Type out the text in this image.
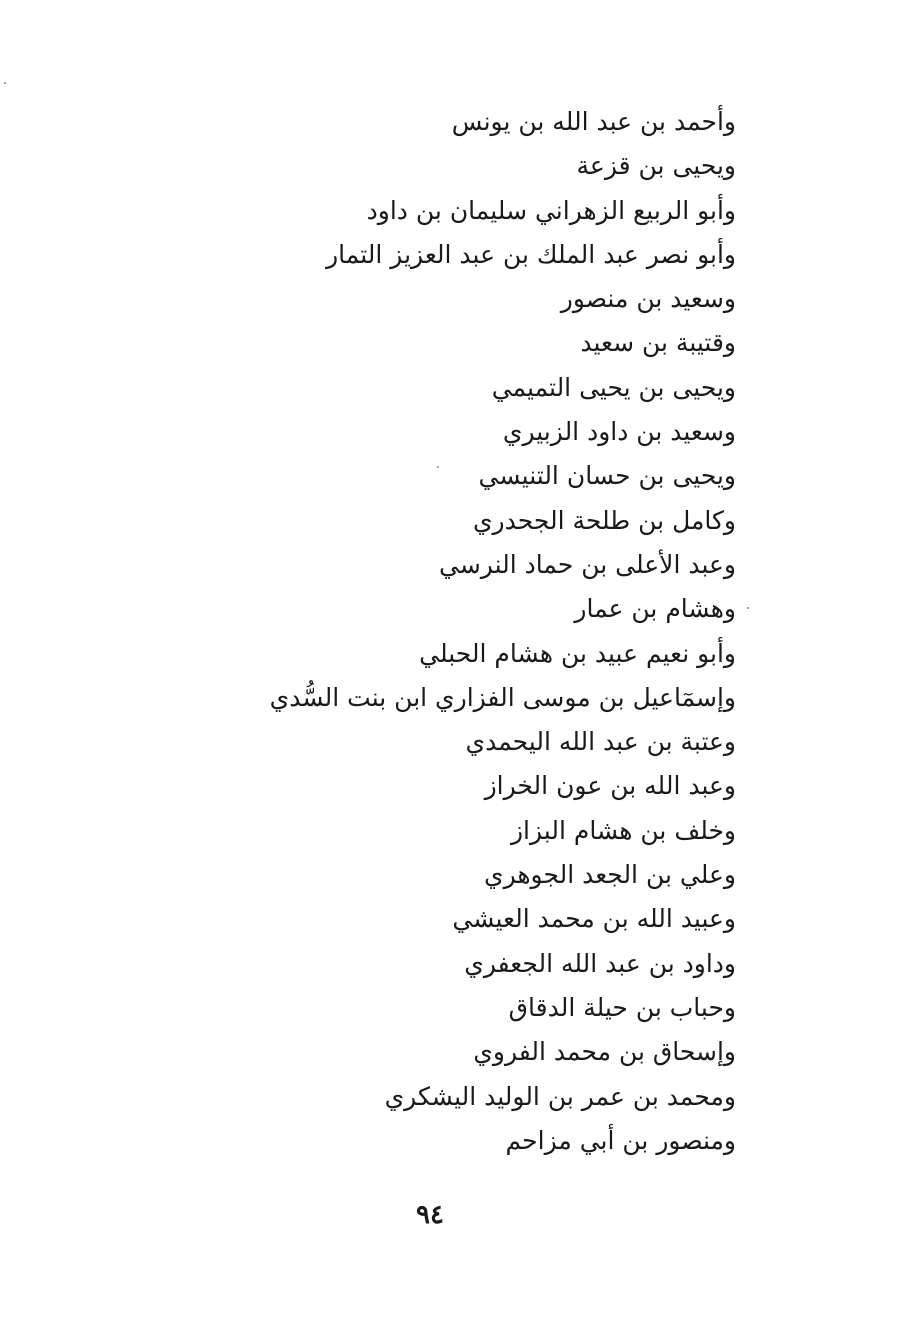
وأحمد بن عبد الله بن يونس
ويحيى بن قزعة
وأبو الربيع الزهراني سليمان بن داود
وأبو نصر عبد الملك بن عبد العزيز التمار
وسعيد بن منصور
وقتيبة بن سعيد
ويحيى بن يحيى التميمي
وسعيد بن داود الزبيري
ويحيى بن حسان التنيسي
وكامل بن طلحة الجحدري
وعبد الأعلى بن حماد النرسي
وهشام بن عمار
وأبو نعيم عبيد بن هشام الحبلي
وإسمٓاعيل بن موسى الفزاري ابن بنت السُّدي
وعتبة بن عبد الله اليحمدي
وعبد الله بن عون الخراز
وخلف بن هشام البزاز
وعلي بن الجعد الجوهري
وعبيد الله بن محمد العيشي
وداود بن عبد الله الجعفري
وحباب بن حيلة الدقاق
وإسحاق بن محمد الفروي
ومحمد بن عمر بن الوليد اليشكري
ومنصور بن أبي مزاحم
٩٤
